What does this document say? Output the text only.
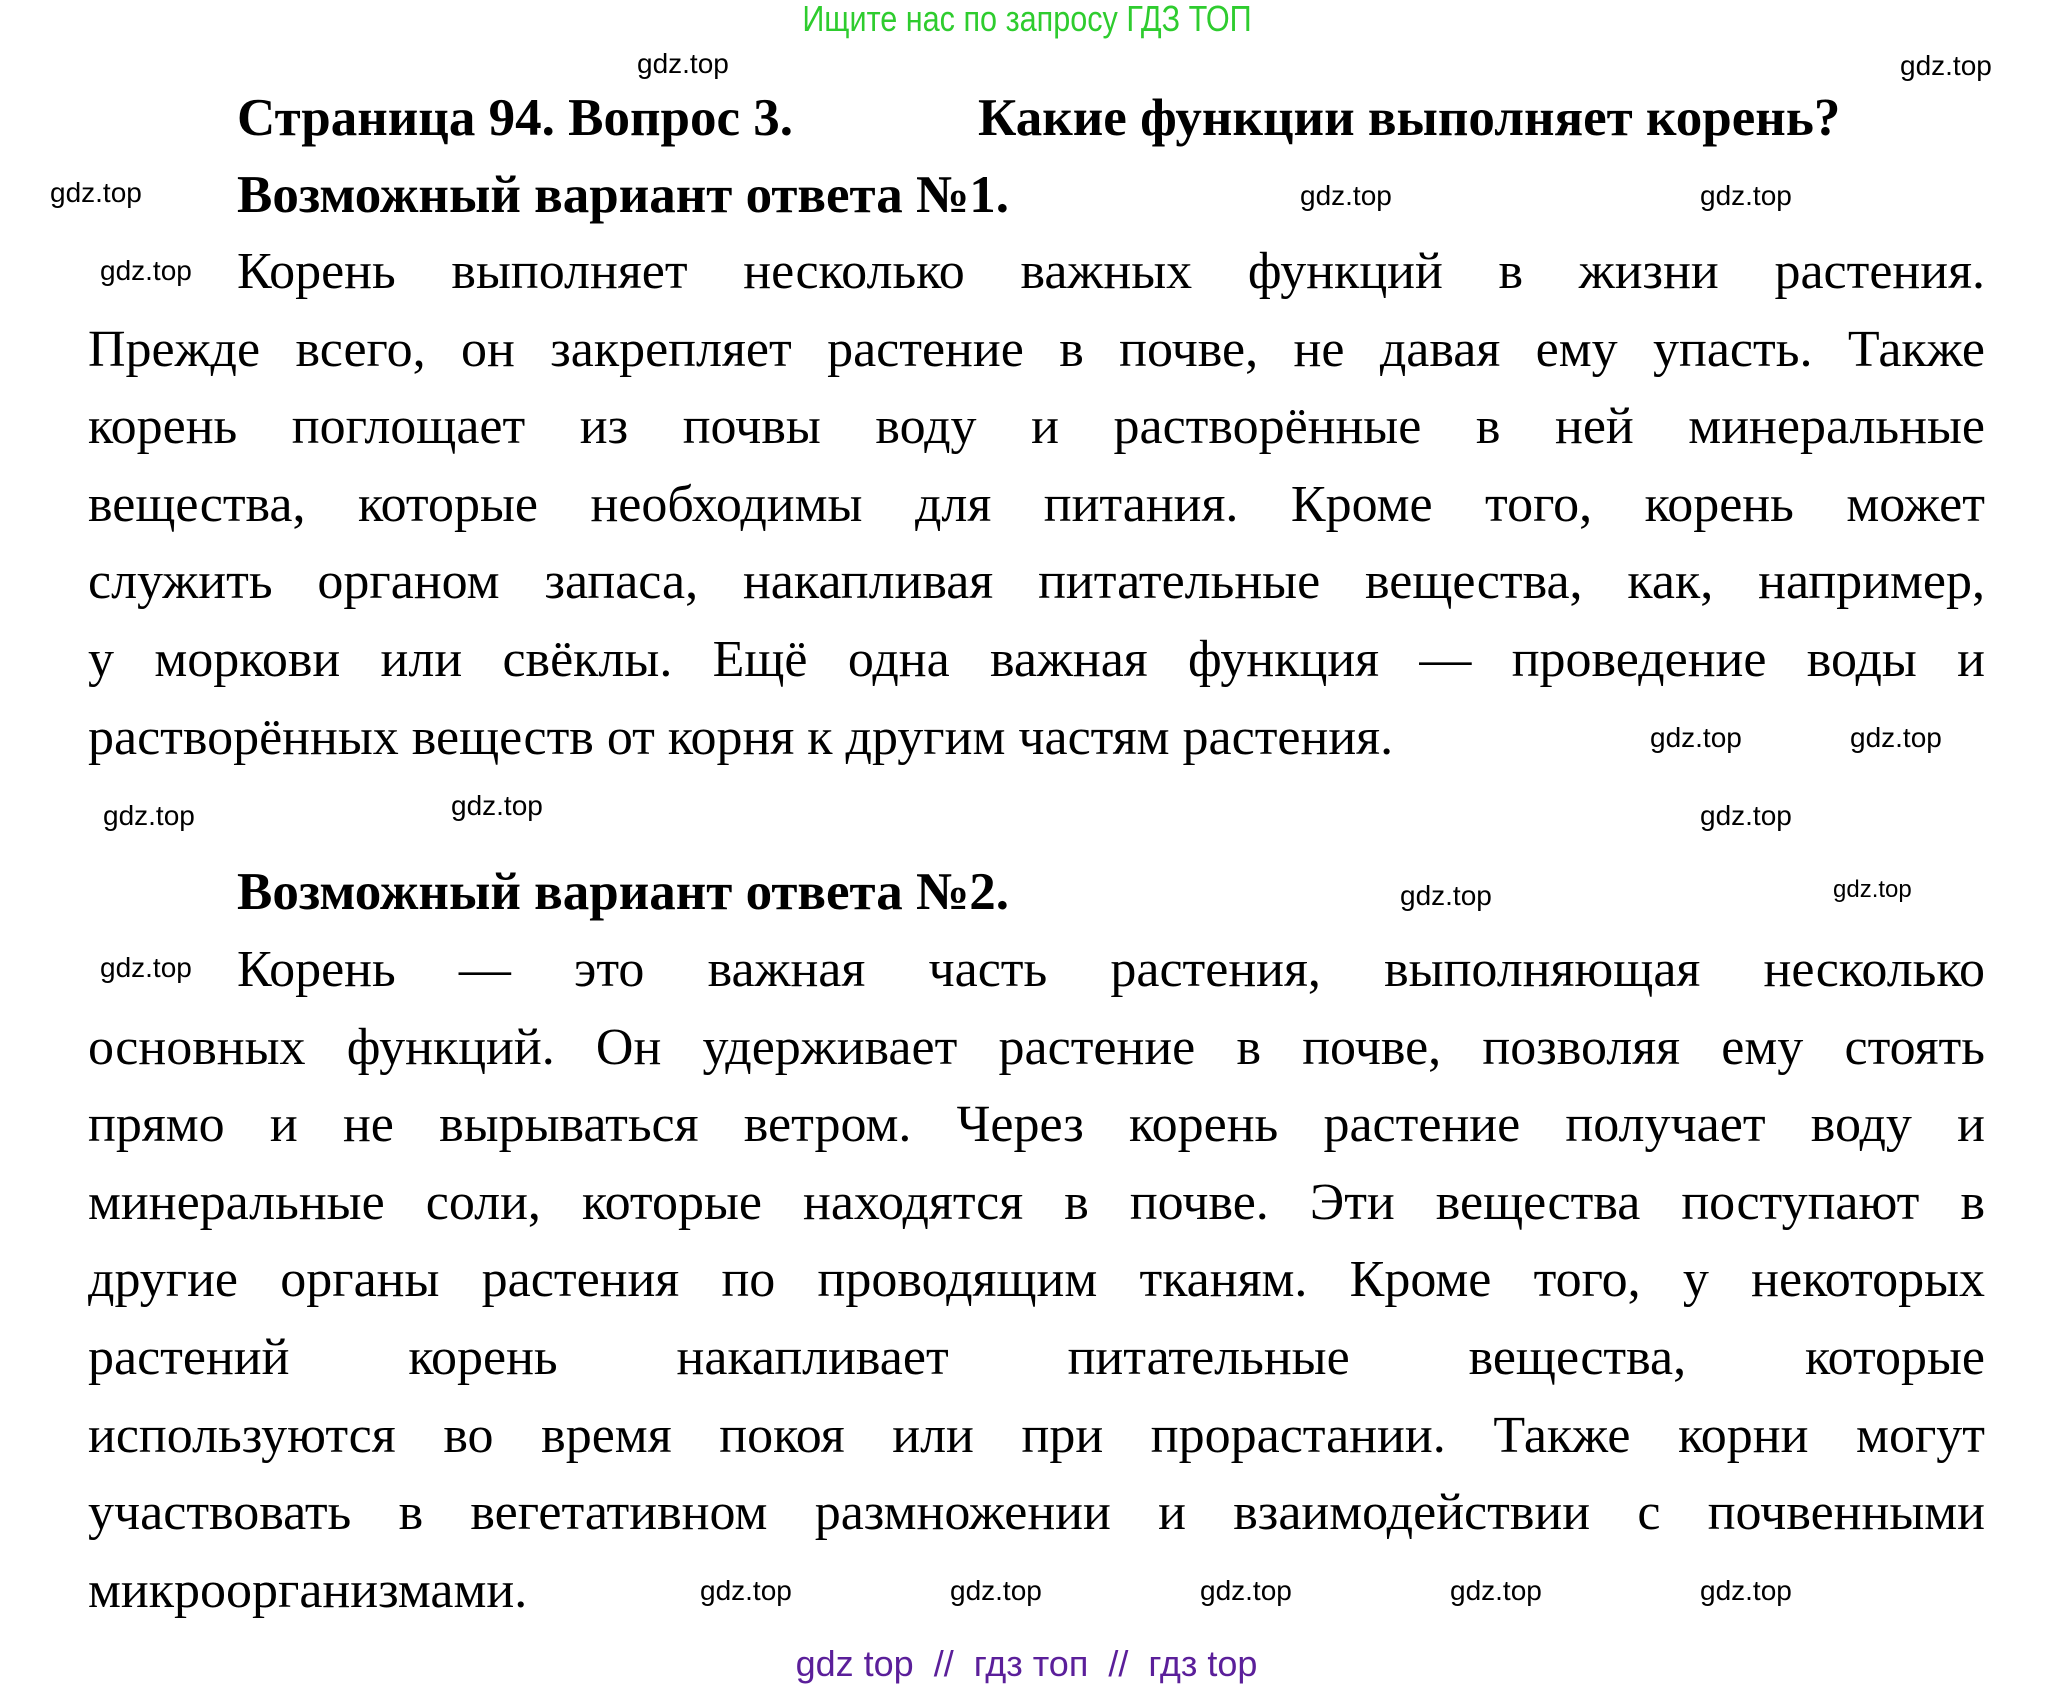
Ищите нас по запросу ГДЗ ТОП
Страница 94. Вопрос 3.	Какие функции выполняет корень?
Возможный вариант ответа №1.
Корень выполняет несколько важных функций в жизни растения.
Прежде всего, он закрепляет растение в почве, не давая ему упасть. Также
корень поглощает из почвы воду и растворённые в ней минеральные
вещества, которые необходимы для питания. Кроме того, корень может
служить органом запаса, накапливая питательные вещества, как, например,
у моркови или свёклы. Ещё одна важная функция — проведение воды и
растворённых веществ от корня к другим частям растения.
Возможный вариант ответа №2.
Корень — это важная часть растения, выполняющая несколько
основных функций. Он удерживает растение в почве, позволяя ему стоять
прямо и не вырываться ветром. Через корень растение получает воду и
минеральные соли, которые находятся в почве. Эти вещества поступают в
другие органы растения по проводящим тканям. Кроме того, у некоторых
растений корень накапливает питательные вещества, которые
используются во время покоя или при прорастании. Также корни могут
участвовать в вегетативном размножении и взаимодействии с почвенными
микроорганизмами.
gdz.top	gdz.top
gdz.top	gdz.top	gdz.top
gdz.top
gdz.top	gdz.top
gdz.top
gdz.top
gdz.top
gdz.top
gdz.top
gdz.top	gdz.top	gdz.top	gdz.top	gdz.top
gdz.top
gdz top  //  гдз топ  //  гдз top
